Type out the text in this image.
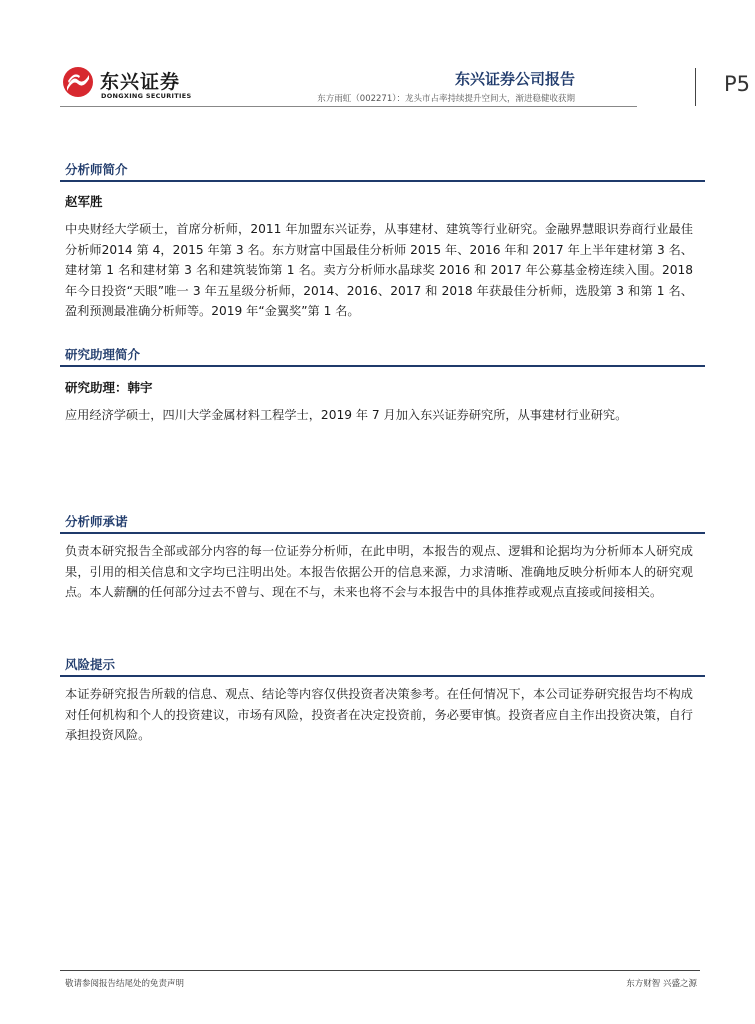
东兴证券
DONGXING SECURITIES
东兴证券公司报告
东方雨虹（002271）：龙头市占率持续提升空间大，渐进稳健收获期
P5
分析师简介
赵军胜

中央财经大学硕士，首席分析师，2011 年加盟东兴证券，从事建材、建筑等行业研究。金融界慧眼识券商行业最佳分析师2014 第 4，2015 年第 3 名。东方财富中国最佳分析师 2015 年、2016 年和 2017 年上半年建材第 3 名、建材第 1 名和建材第 3 名和建筑装饰第 1 名。卖方分析师水晶球奖 2016 和 2017 年公募基金榜连续入围。2018 年今日投资“天眼”唯一 3 年五星级分析师，2014、2016、2017 和 2018 年获最佳分析师，选股第 3 和第 1 名、盈利预测最准确分析师等。2019 年“金翼奖”第 1 名。

研究助理简介
研究助理：韩宇

应用经济学硕士，四川大学金属材料工程学士，2019 年 7 月加入东兴证券研究所，从事建材行业研究。

分析师承诺

负责本研究报告全部或部分内容的每一位证券分析师，在此申明，本报告的观点、逻辑和论据均为分析师本人研究成果，引用的相关信息和文字均已注明出处。本报告依据公开的信息来源，力求清晰、准确地反映分析师本人的研究观点。本人薪酬的任何部分过去不曾与、现在不与，未来也将不会与本报告中的具体推荐或观点直接或间接相关。

风险提示

本证券研究报告所载的信息、观点、结论等内容仅供投资者决策参考。在任何情况下，本公司证券研究报告均不构成对任何机构和个人的投资建议，市场有风险，投资者在决定投资前，务必要审慎。投资者应自主作出投资决策，自行承担投资风险。

敬请参阅报告结尾处的免责声明	东方财智 兴盛之源
